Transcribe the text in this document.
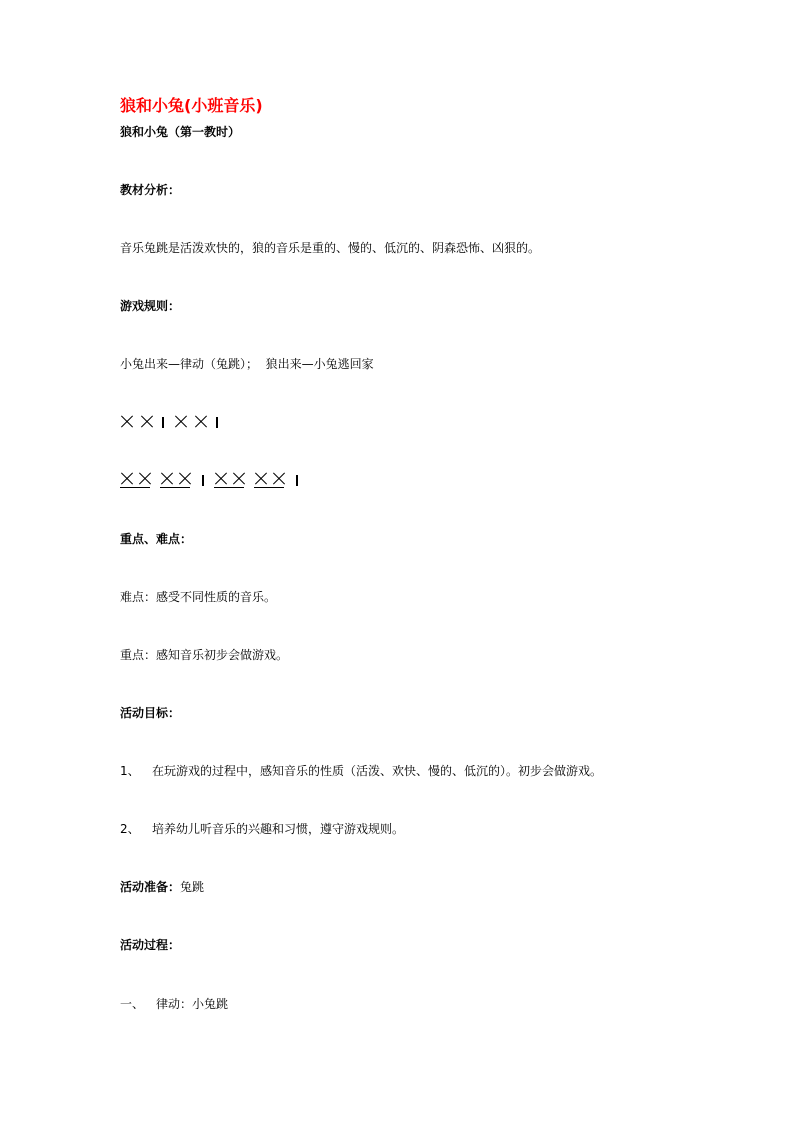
狼和小兔(小班音乐)
狼和小兔（第一教时）
教材分析：
音乐兔跳是活泼欢快的，狼的音乐是重的、慢的、低沉的、阴森恐怖、凶狠的。
游戏规则：
小兔出来—律动（兔跳）；  狼出来—小兔逃回家
重点、难点：
难点：感受不同性质的音乐。
重点：感知音乐初步会做游戏。
活动目标：
1、 在玩游戏的过程中，感知音乐的性质（活泼、欢快、慢的、低沉的）。初步会做游戏。
2、 培养幼儿听音乐的兴趣和习惯，遵守游戏规则。
活动准备：兔跳
活动过程：
一、 律动：小兔跳
